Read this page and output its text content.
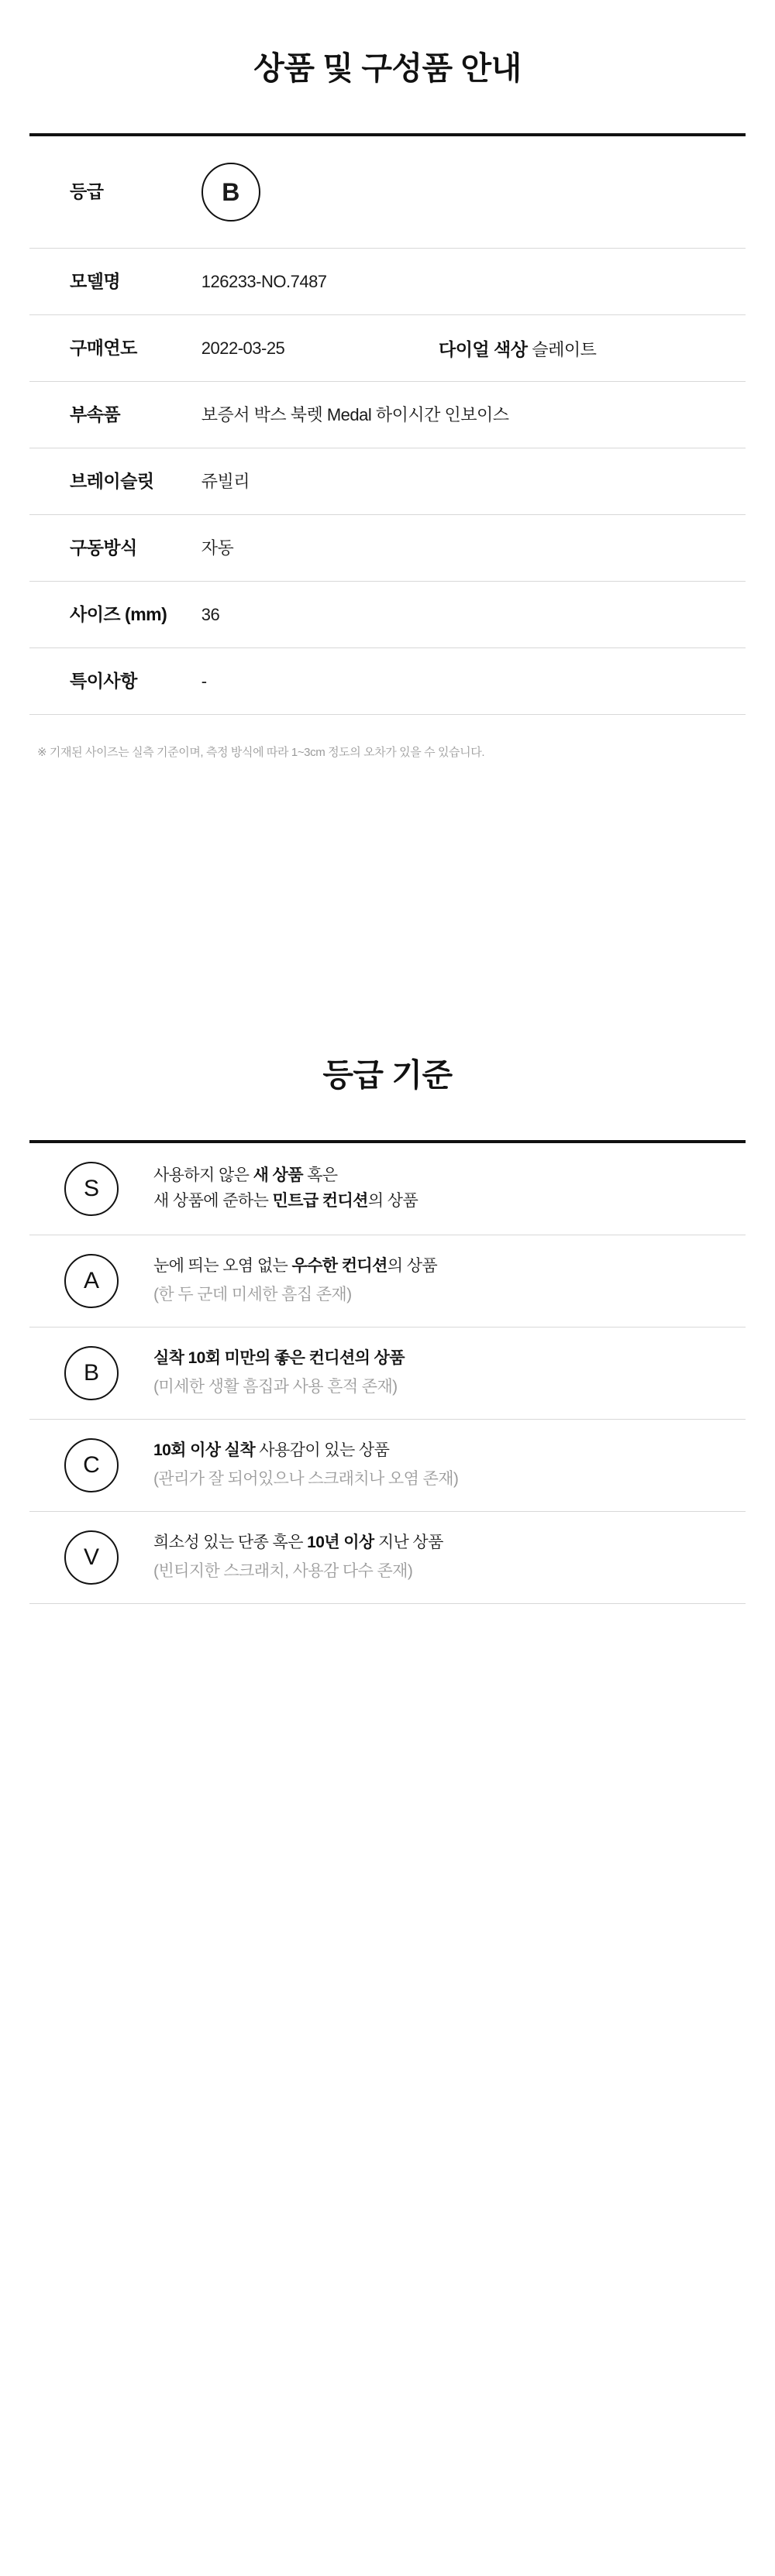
상품 및 구성품 안내
등급	B	
모델명	126233-NO.7487	
구매연도	2022-03-25	다이얼 색상 슬레이트
부속품	보증서 박스 북렛 Medal 하이시간 인보이스	
브레이슬릿	쥬빌리	
구동방식	자동	
사이즈 (mm)	36	
특이사항	-	

※ 기재된 사이즈는 실측 기준이며, 측정 방식에 따라 1~3cm 정도의 오차가 있을 수 있습니다.

등급 기준
S	사용하지 않은 새 상품 혹은
새 상품에 준하는 민트급 컨디션의 상품

A	눈에 띄는 오염 없는 우수한 컨디션의 상품
(한 두 군데 미세한 흠집 존재)

B	실착 10회 미만의 좋은 컨디션의 상품
(미세한 생활 흠집과 사용 흔적 존재)

C	10회 이상 실착 사용감이 있는 상품
(관리가 잘 되어있으나 스크래치나 오염 존재)

V	희소성 있는 단종 혹은 10년 이상 지난 상품
(빈티지한 스크래치, 사용감 다수 존재)
